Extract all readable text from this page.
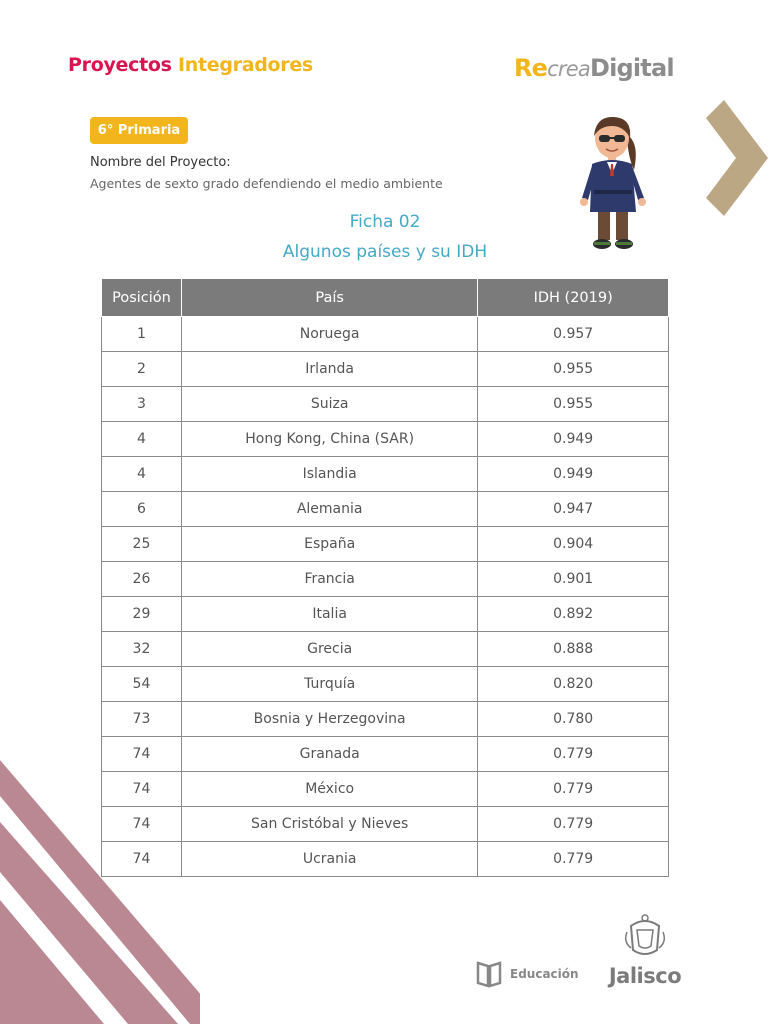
Proyectos Integradores	RecreaDigital
6° Primaria
Nombre del Proyecto:
Agentes de sexto grado defendiendo el medio ambiente
Ficha 02
Algunos países y su IDH
Posición	País	IDH (2019)
1	Noruega	0.957
2	Irlanda	0.955
3	Suiza	0.955
4	Hong Kong, China (SAR)	0.949
4	Islandia	0.949
6	Alemania	0.947
25	España	0.904
26	Francia	0.901
29	Italia	0.892
32	Grecia	0.888
54	Turquía	0.820
73	Bosnia y Herzegovina	0.780
74	Granada	0.779
74	México	0.779
74	San Cristóbal y Nieves	0.779
74	Ucrania	0.779
Educación	Jalisco
